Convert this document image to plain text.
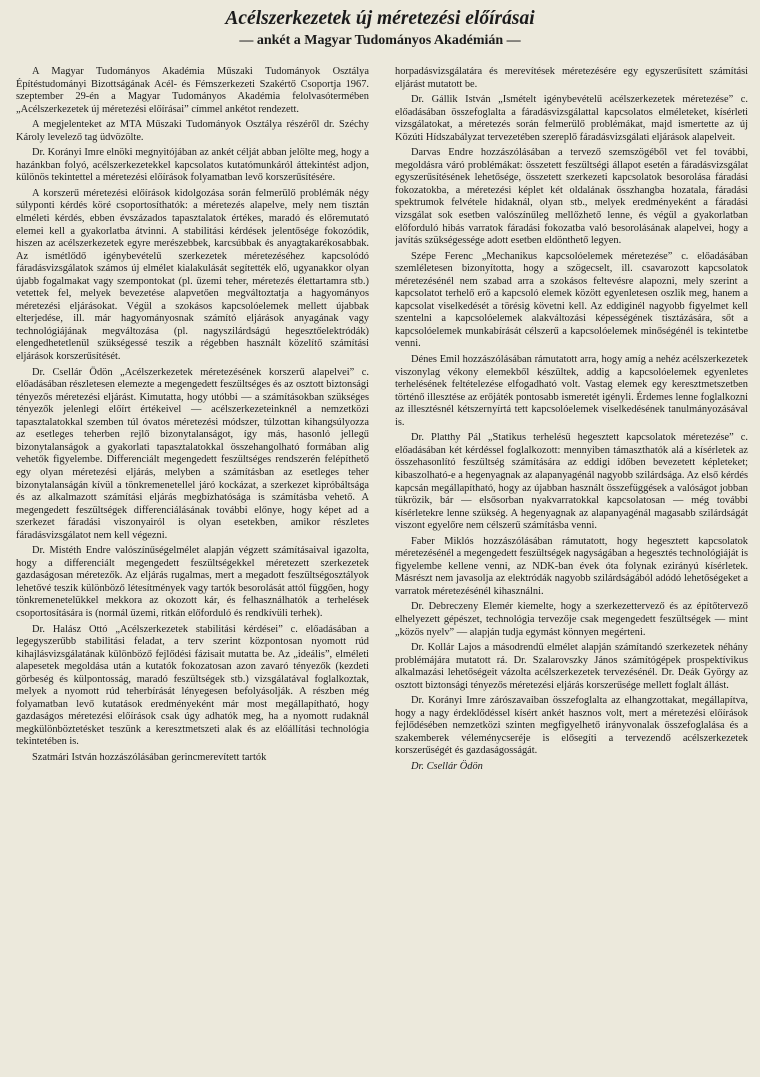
Acélszerkezetek új méretezési előírásai
— ankét a Magyar Tudományos Akadémián —

A Magyar Tudományos Akadémia Műszaki Tudományok Osztálya Építéstudományi Bizottságának Acél- és Fémszerkezeti Szakértő Csoportja 1967. szeptember 29-én a Magyar Tudományos Akadémia felolvasótermében „Acélszerkezetek új méretezési előírásai” címmel ankétot rendezett.

A megjelenteket az MTA Műszaki Tudományok Osztálya részéről dr. Széchy Károly levelező tag üdvözölte.

Dr. Korányi Imre elnöki megnyitójában az ankét célját abban jelölte meg, hogy a hazánkban folyó, acélszerkezetekkel kapcsolatos kutatómunkáról áttekintést adjon, különös tekintettel a méretezési előírások folyamatban levő korszerűsítésére.

A korszerű méretezési előírások kidolgozása során felmerülő problémák négy súlyponti kérdés köré csoportosíthatók: a méretezés alapelve, mely nem tisztán elméleti kérdés, ebben évszázados tapasztalatok értékes, maradó és előremutató elemei kell a gyakorlatba átvinni. A stabilitási kérdések jelentősége fokozódik, hiszen az acélszerkezetek egyre merészebbek, karcsúbbak és anyagtakarékosabbak. Az ismétlődő igénybevételű szerkezetek méretezéséhez kapcsolódó fáradásvizsgálatok számos új elmélet kialakulását segítették elő, ugyanakkor olyan újabb fogalmakat vagy szempontokat (pl. üzemi teher, méretezés élettartamra stb.) vetettek fel, melyek bevezetése alapvetően megváltoztatja a hagyományos méretezési eljárásokat. Végül a szokásos kapcsolóelemek mellett újabbak elterjedése, ill. már hagyományosnak számító eljárások anyagának vagy technológiájának megváltozása (pl. nagyszilárdságú hegesztőelektródák) elengedhetetlenül szükségessé teszik a régebben használt közelítő számítási eljárások korszerűsítését.

Dr. Csellár Ödön „Acélszerkezetek méretezésének korszerű alapelvei” c. előadásában részletesen elemezte a megengedett feszültséges és az osztott biztonsági tényezős méretezési eljárást. Kimutatta, hogy utóbbi — a számításokban szükséges tényezők jelenlegi előírt értékeivel — acélszerkezeteinknél a nemzetközi tapasztalatokkal szemben túl óvatos méretezési módszer, túlzottan kihangsúlyozza az esetleges teherben rejlő bizonytalanságot, így más, hasonló jellegű bizonytalanságok a gyakorlati tapasztalatokkal összehangolható formában alig vehetők figyelembe. Differenciált megengedett feszültséges rendszerén felépíthető egy olyan méretezési eljárás, melyben a számításban az esetleges teher bizonytalanságán kívül a tönkremenetellel járó kockázat, a szerkezet kipróbáltsága és az alkalmazott számítási eljárás megbízhatósága is számításba vehető. A megengedett feszültségek differenciálásának további előnye, hogy képet ad a szerkezet fáradási viszonyairól is olyan esetekben, amikor részletes fáradásvizsgálatot nem kell végezni.

Dr. Mistéth Endre valószínűségelmélet alapján végzett számításaival igazolta, hogy a differenciált megengedett feszültségekkel méretezett szerkezetek gazdaságosan méretezők. Az eljárás rugalmas, mert a megadott feszültségosztályok lehetővé teszik különböző létesítmények vagy tartók besorolását attól függően, hogy tönkremenetelükkel mekkora az okozott kár, és felhasználhatók a terhelések csoportosítására is (normál üzemi, ritkán előforduló és rendkívüli terhek).

Dr. Halász Ottó „Acélszerkezetek stabilitási kérdései” c. előadásában a legegyszerűbb stabilitási feladat, a terv szerint központosan nyomott rúd kihajlásvizsgálatának különböző fejlődési fázisait mutatta be. Az „ideális”, elméleti alapesetek megoldása után a kutatók fokozatosan azon zavaró tényezők (kezdeti görbeség és külpontosság, maradó feszültségek stb.) vizsgálatával foglalkoztak, melyek a nyomott rúd teherbírását lényegesen befolyásolják. A részben még folyamatban levő kutatások eredményeként már most megállapítható, hogy gazdaságos méretezési előírások csak úgy adhatók meg, ha a nyomott rudaknál megkülönböztetésket teszünk a keresztmetszeti alak és az előállítási technológia tekintetében is.

Szatmári István hozzászólásában gerincmerevített tartók

horpadásvizsgálatára és merevítések méretezésére egy egyszerűsített számítási eljárást mutatott be.

Dr. Gállik István „Ismételt igénybevételű acélszerkezetek méretezése” c. előadásában összefoglalta a fáradásvizsgálattal kapcsolatos elméleteket, kísérleti vizsgálatokat, a méretezés során felmerülő problémákat, majd ismertette az új Közúti Hídszabályzat tervezetében szereplő fáradásvizsgálati eljárások alapelveit.

Darvas Endre hozzászólásában a tervező szemszögéből vet fel további, megoldásra váró problémákat: összetett feszültségi állapot esetén a fáradásvizsgálat egyszerűsítésének lehetősége, összetett szerkezeti kapcsolatok besorolása fáradási fokozatokba, a méretezési képlet két oldalának összhangba hozatala, fáradási spektrumok felvétele hidaknál, olyan stb., melyek eredményeként a fáradási vizsgálat sok esetben valószínűleg mellőzhető lenne, és végül a gyakorlatban előforduló hibás varratok fáradási fokozatba való besorolásának alapelvei, hogy a javítás szükségessége adott esetben eldönthető legyen.

Szépe Ferenc „Mechanikus kapcsolóelemek méretezése” c. előadásában szemléletesen bizonyította, hogy a szögecselt, ill. csavarozott kapcsolatok méretezésénél nem szabad arra a szokásos feltevésre alapozni, mely szerint a kapcsolatot terhelő erő a kapcsoló elemek között egyenletesen oszlik meg, hanem a kapcsolat viselkedését a törésig követni kell. Az eddiginél nagyobb figyelmet kell szentelni a kapcsolóelemek alakváltozási képességének tisztázására, sőt a kapcsolóelemek munkabírását célszerű a kapcsolóelemek minőségénél is tekintetbe venni.

Dénes Emil hozzászólásában rámutatott arra, hogy amíg a nehéz acélszerkezetek viszonylag vékony elemekből készültek, addig a kapcsolóelemek egyenletes terhelésének feltételezése elfogadható volt. Vastag elemek egy keresztmetszetben történő illesztése az erőjáték pontosabb ismeretét igényli. Érdemes lenne foglalkozni az illesztésnél kétszernyírtá tett kapcsolóelemek viselkedésének tanulmányozásával is.

Dr. Platthy Pál „Statikus terhelésű hegesztett kapcsolatok méretezése” c. előadásában két kérdéssel foglalkozott: mennyiben támaszthatók alá a kísérletek az összehasonlító feszültség számítására az eddigi időben bevezetett képleteket; kibaszolható-e a hegenyagnak az alapanyagénál nagyobb szilárdsága. Az első kérdés kapcsán megállapítható, hogy az újabban használt összefüggések a valóságot jobban tükrözik, bár — elsősorban nyakvarratokkal kapcsolatosan — még további kísérletekre lenne szükség. A hegenyagnak az alapanyagénál magasabb szilárdságát viszont egyelőre nem célszerű számításba venni.

Faber Miklós hozzászólásában rámutatott, hogy hegesztett kapcsolatok méretezésénél a megengedett feszültségek nagyságában a hegesztés technológiáját is figyelembe kellene venni, az NDK-ban évek óta folynak ezirányú kísérletek. Másrészt nem javasolja az elektródák nagyobb szilárdságából adódó lehetőségeket a varratok méretezésénél kihasználni.

Dr. Debreczeny Elemér kiemelte, hogy a szerkezettervező és az építőtervező elhelyezett gépészet, technológia tervezője csak megengedett feszültségek — mint „közös nyelv” — alapján tudja egymást könnyen megérteni.

Dr. Kollár Lajos a másodrendű elmélet alapján számítandó szerkezetek néhány problémájára mutatott rá. Dr. Szalarovszky János számítógépek prospektívikus alkalmazási lehetőségeit vázolta acélszerkezetek tervezésénél. Dr. Deák György az osztott biztonsági tényezős méretezési eljárás korszerűsége mellett foglalt állást.

Dr. Korányi Imre zárószavaiban összefoglalta az elhangzottakat, megállapítva, hogy a nagy érdeklődéssel kísért ankét hasznos volt, mert a méretezési előírások fejlődésében nemzetközi szinten megfigyelhető irányvonalak összefoglalása és a szakemberek véleménycseréje is elősegíti a tervezendő acélszerkezetek korszerűségét és gazdaságosságát.

Dr. Csellár Ödön
